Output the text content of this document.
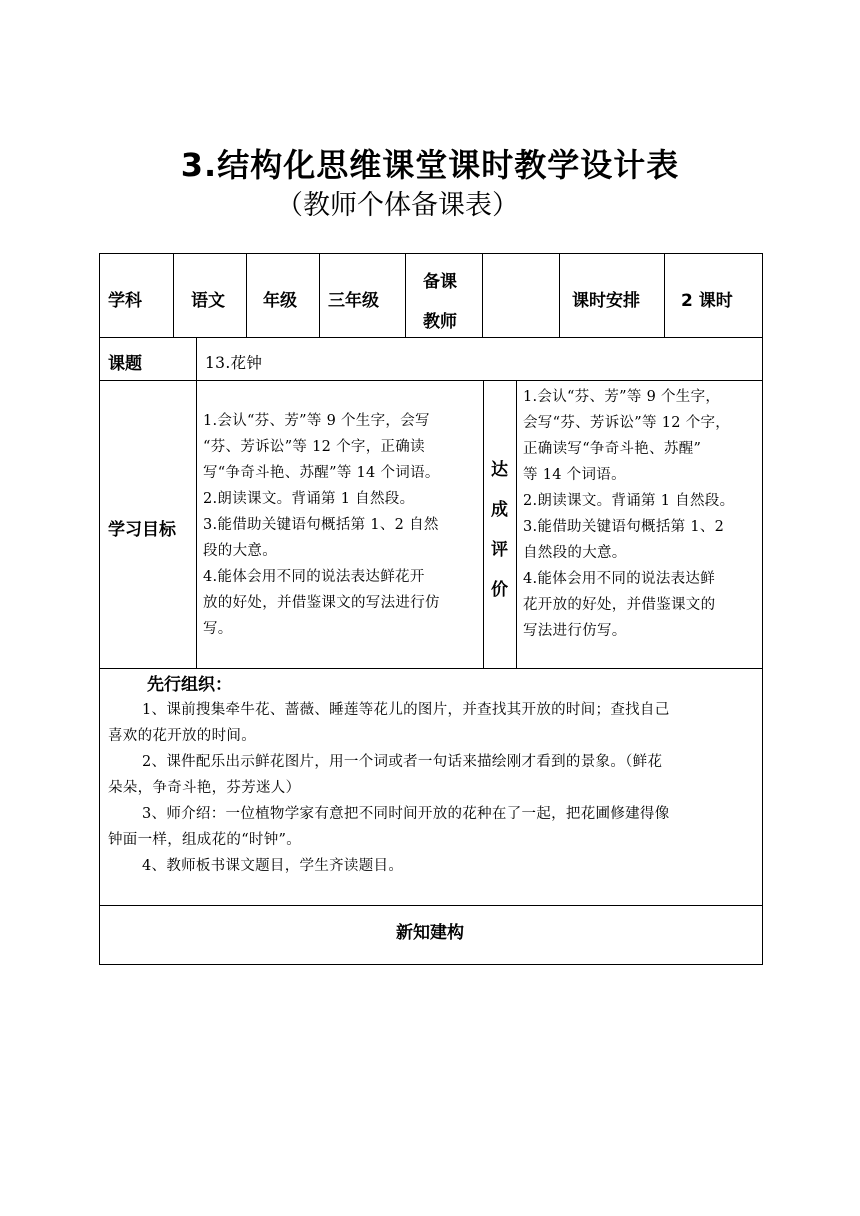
3.结构化思维课堂课时教学设计表
（教师个体备课表）
学科	语文 年级 三年级
备课
教师
课时安排 2 课时
课题	13.花钟
学习目标
1.会认“芬、芳”等 9 个生字，会写
“芬、芳诉讼”等 12 个字，正确读
写“争奇斗艳、苏醒”等 14 个词语。
2.朗读课文。背诵第 1 自然段。
3.能借助关键语句概括第 1、2 自然
段的大意。
4.能体会用不同的说法表达鲜花开
放的好处，并借鉴课文的写法进行仿
写。
达
成
评
价
1.会认“芬、芳”等 9 个生字，
会写“芬、芳诉讼”等 12 个字，
正确读写“争奇斗艳、苏醒”
等 14 个词语。
2.朗读课文。背诵第 1 自然段。
3.能借助关键语句概括第 1、2
自然段的大意。
4.能体会用不同的说法表达鲜
花开放的好处，并借鉴课文的
写法进行仿写。
先行组织：
1、课前搜集牵牛花、蔷薇、睡莲等花儿的图片，并查找其开放的时间；查找自己
喜欢的花开放的时间。
2、课件配乐出示鲜花图片，用一个词或者一句话来描绘刚才看到的景象。（鲜花
朵朵，争奇斗艳，芬芳迷人）
3、师介绍：一位植物学家有意把不同时间开放的花种在了一起，把花圃修建得像
钟面一样，组成花的“时钟”。
4、教师板书课文题目，学生齐读题目。
新知建构
